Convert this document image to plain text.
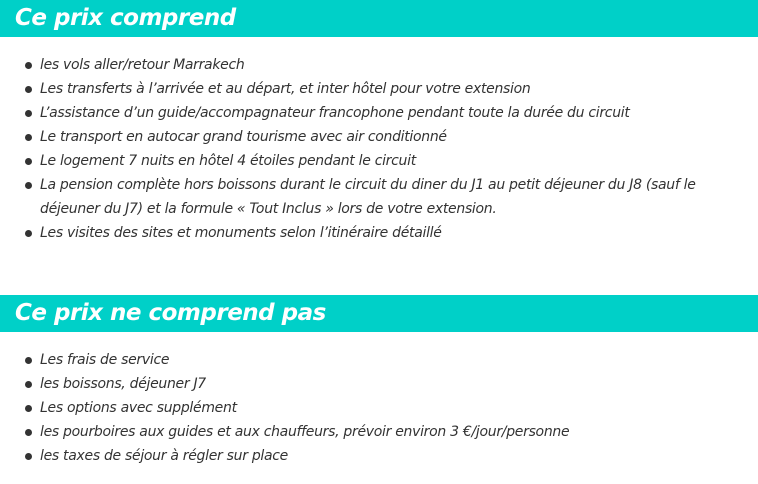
Ce prix comprend
les vols aller/retour Marrakech
Les transferts à l’arrivée et au départ, et inter hôtel pour votre extension
L’assistance d’un guide/accompagnateur francophone pendant toute la durée du circuit
Le transport en autocar grand tourisme avec air conditionné
Le logement 7 nuits en hôtel 4 étoiles pendant le circuit
La pension complète hors boissons durant le circuit du diner du J1 au petit déjeuner du J8 (sauf le déjeuner du J7) et la formule « Tout Inclus » lors de votre extension.
Les visites des sites et monuments selon l’itinéraire détaillé
Ce prix ne comprend pas
Les frais de service
les boissons, déjeuner J7
Les options avec supplément
les pourboires aux guides et aux chauffeurs, prévoir environ 3 €/jour/personne
les taxes de séjour à régler sur place
